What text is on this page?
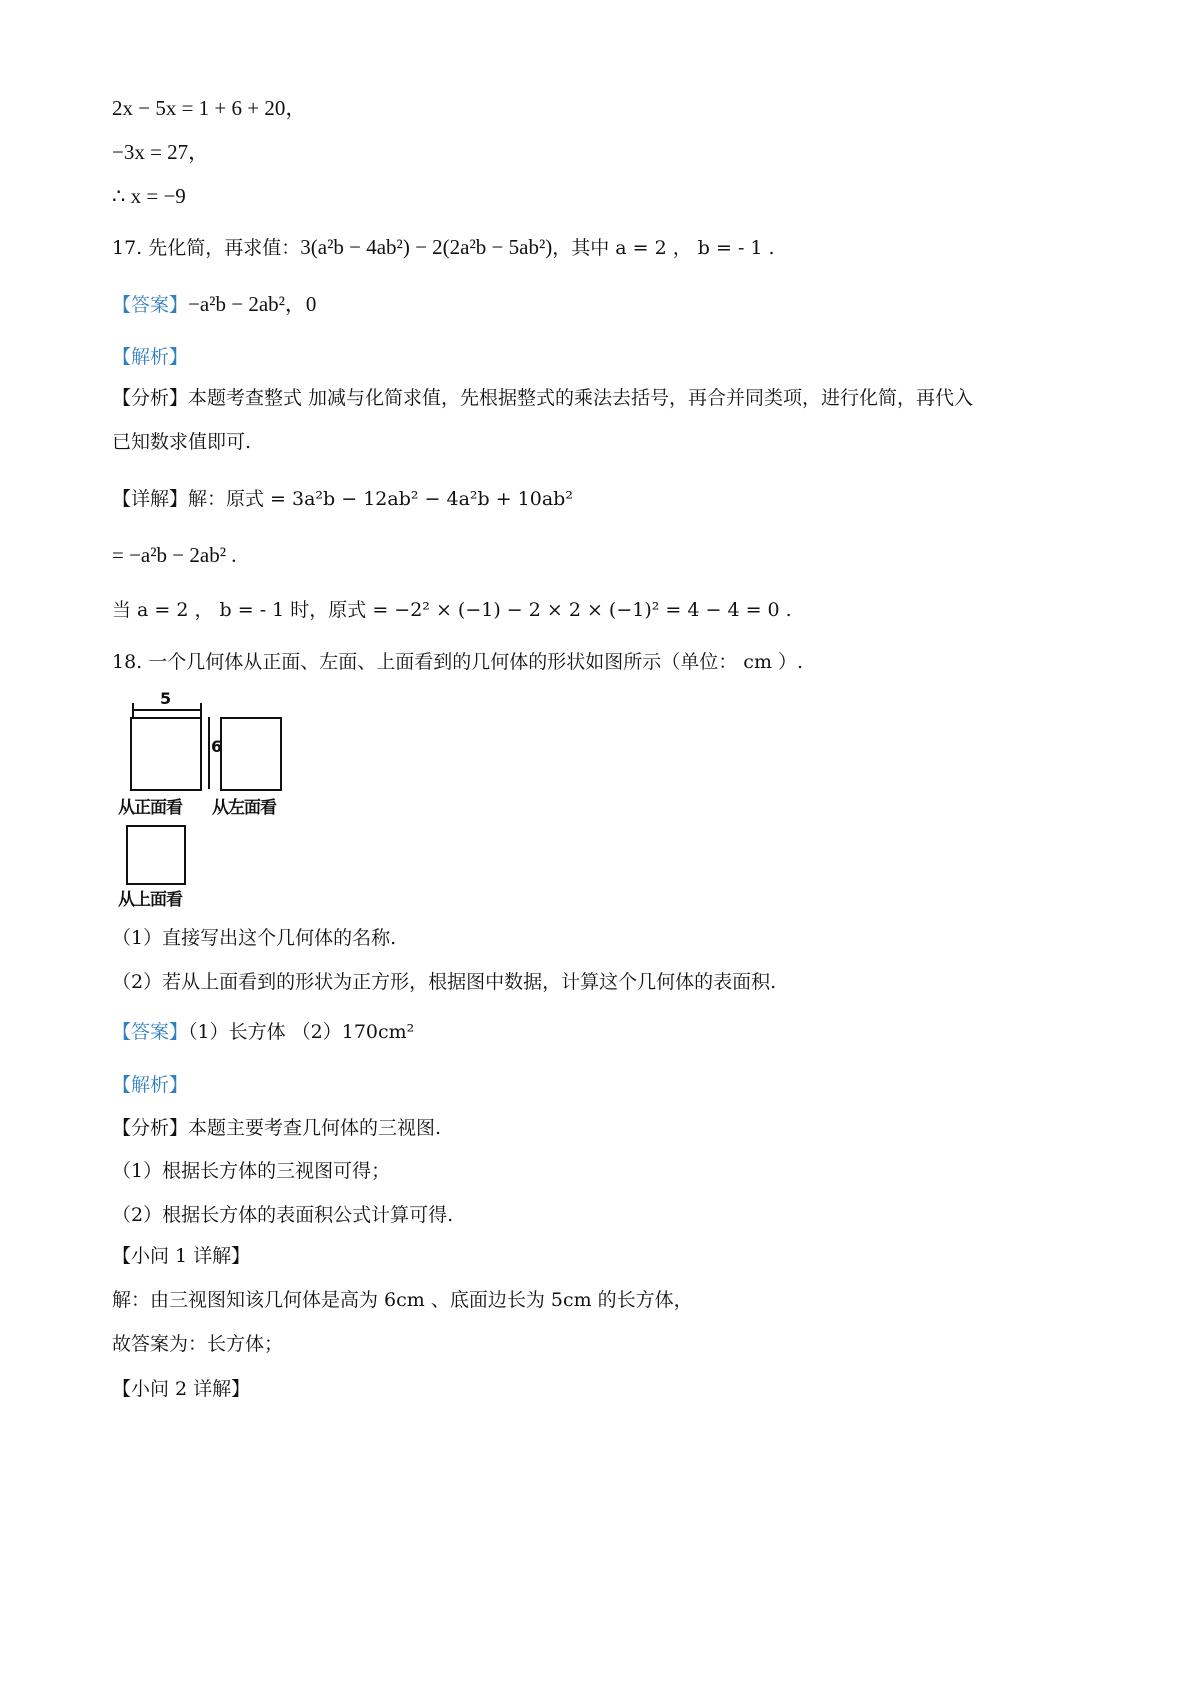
2x − 5x = 1 + 6 + 20，
−3x = 27，
∴ x = −9
17. 先化简，再求值：3(a²b − 4ab²) − 2(2a²b − 5ab²)，其中 a = 2 ， b = - 1 .
【答案】−a²b − 2ab²，0
【解析】
【分析】本题考查整式 加减与化简求值，先根据整式的乘法去括号，再合并同类项，进行化简，再代入
已知数求值即可.
【详解】解：原式 = 3a²b − 12ab² − 4a²b + 10ab²
= −a²b − 2ab² .
当 a = 2 ， b = - 1 时，原式 = −2² × (−1) − 2 × 2 × (−1)² = 4 − 4 = 0 .
18. 一个几何体从正面、左面、上面看到的几何体的形状如图所示（单位： cm ）.
5
6
从正面看 从左面看
从上面看
（1）直接写出这个几何体的名称.
（2）若从上面看到的形状为正方形，根据图中数据，计算这个几何体的表面积.
【答案】（1）长方体 （2）170cm²
【解析】
【分析】本题主要考查几何体的三视图.
（1）根据长方体的三视图可得；
（2）根据长方体的表面积公式计算可得.
【小问 1 详解】
解：由三视图知该几何体是高为 6cm 、底面边长为 5cm 的长方体，
故答案为：长方体；
【小问 2 详解】
